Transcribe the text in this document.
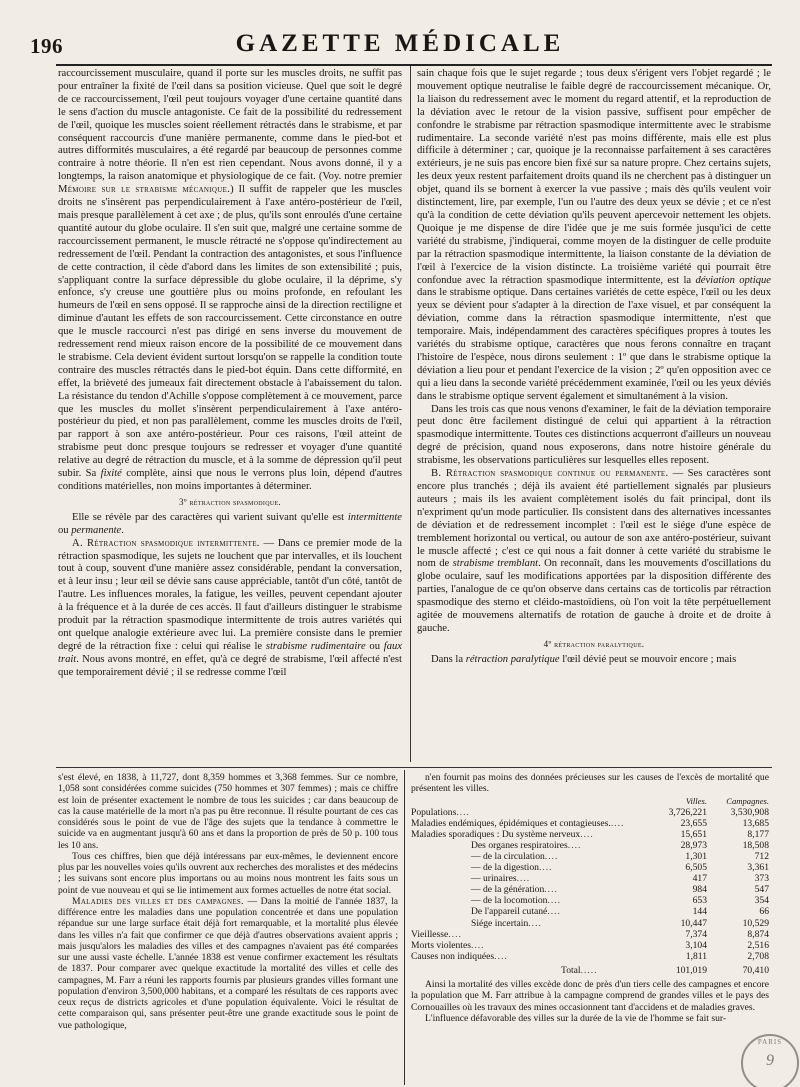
196	GAZETTE MÉDICALE

raccourcissement musculaire, quand il porte sur les muscles droits, ne suffit pas pour entraîner la fixité de l'œil dans sa position vicieuse. Quel que soit le degré de ce raccourcissement, l'œil peut toujours voyager d'une certaine quantité dans le sens d'action du muscle antagoniste. Ce fait de la possibilité du redressement de l'œil, quoique les muscles soient réellement rétractés dans le strabisme, et par conséquent raccourcis d'une manière permanente, comme dans le pied-bot et autres difformités musculaires, a été regardé par beaucoup de personnes comme contraire à notre théorie. Il n'en est rien cependant. Nous avons donné, il y a longtemps, la raison anatomique et physiologique de ce fait. (Voy. notre premier Mémoire sur le strabisme mécanique.) Il suffit de rappeler que les muscles droits ne s'insèrent pas perpendiculairement à l'axe antéro-postérieur de l'œil, mais presque parallèlement à cet axe ; de plus, qu'ils sont enroulés d'une certaine quantité autour du globe oculaire. Il s'en suit que, malgré une certaine somme de raccourcissement permanent, le muscle rétracté ne s'oppose qu'indirectement au redressement de l'œil. Pendant la contraction des antagonistes, et sous l'influence de cette contraction, il cède d'abord dans les limites de son extensibilité ; puis, s'appliquant contre la surface dépressible du globe oculaire, il la déprime, s'y enfonce, s'y creuse une gouttière plus ou moins profonde, en refoulant les humeurs de l'œil en sens opposé. Il se rapproche ainsi de la direction rectiligne et diminue d'autant les effets de son raccourcissement. Cette circonstance en outre que le muscle raccourci n'est pas dirigé en sens inverse du mouvement de redressement rend mieux raison encore de la possibilité de ce mouvement dans le strabisme. Cela devient évident surtout lorsqu'on se rappelle la condition toute contraire des muscles rétractés dans le pied-bot équin. Dans cette difformité, en effet, la brièveté des jumeaux fait directement obstacle à l'abaissement du talon. La résistance du tendon d'Achille s'oppose complètement à ce mouvement, parce que les muscles du mollet s'insèrent perpendiculairement à l'axe antéro-postérieur du pied, et non pas parallèlement, comme les muscles droits de l'œil, par rapport à son axe antéro-postérieur. Pour ces raisons, l'œil atteint de strabisme peut donc presque toujours se redresser et voyager d'une quantité relative au degré de rétraction du muscle, et à la somme de dépression qu'il peut subir. Sa fixité complète, ainsi que nous le verrons plus loin, dépend d'autres conditions matérielles, non moins importantes à déterminer.

3º rétraction spasmodique.

Elle se révèle par des caractères qui varient suivant qu'elle est intermittente ou permanente.

A. Rétraction spasmodique intermittente. — Dans ce premier mode de la rétraction spasmodique, les sujets ne louchent que par intervalles, et ils louchent tout à coup, souvent d'une manière assez considérable, pendant la conversation, et à leur insu ; leur œil se dévie sans cause appréciable, tantôt d'un côté, tantôt de l'autre. Les influences morales, la fatigue, les veilles, peuvent cependant ajouter à la fréquence et à la durée de ces accès. Il faut d'ailleurs distinguer le strabisme produit par la rétraction spasmodique intermittente de trois autres variétés qui ont quelque analogie extérieure avec lui. La première consiste dans le premier degré de la rétraction fixe : celui qui réalise le strabisme rudimentaire ou faux trait. Nous avons montré, en effet, qu'à ce degré de strabisme, l'œil affecté n'est que temporairement dévié ; il se redresse comme l'œil

sain chaque fois que le sujet regarde ; tous deux s'érigent vers l'objet regardé ; le mouvement optique neutralise le faible degré de raccourcissement mécanique. Or, la liaison du redressement avec le moment du regard attentif, et la reproduction de la déviation avec le retour de la vision passive, suffisent pour empêcher de confondre le strabisme par rétraction spasmodique intermittente avec le strabisme rudimentaire. La seconde variété n'est pas moins différente, mais elle est plus difficile à déterminer ; car, quoique je la reconnaisse parfaitement à ses caractères extérieurs, je ne suis pas encore bien fixé sur sa nature propre. Chez certains sujets, les deux yeux restent parfaitement droits quand ils ne cherchent pas à distinguer un objet, quand ils se bornent à exercer la vue passive ; mais dès qu'ils veulent voir distinctement, lire, par exemple, l'un ou l'autre des deux yeux se dévie ; et ce n'est qu'à la condition de cette déviation qu'ils peuvent apercevoir nettement les objets. Quoique je me dispense de dire l'idée que je me suis formée jusqu'ici de cette variété du strabisme, j'indiquerai, comme moyen de la distinguer de celle produite par la rétraction spasmodique intermittente, la liaison constante de la déviation de l'œil à l'exercice de la vision distincte. La troisième variété qui pourrait être confondue avec la rétraction spasmodique intermittente, est la déviation optique dans le strabisme optique. Dans certaines variétés de cette espèce, l'œil ou les deux yeux se dévient pour s'adapter à la direction de l'axe visuel, et par conséquent la déviation, comme dans la rétraction spasmodique intermittente, n'est que temporaire. Mais, indépendamment des caractères spécifiques propres à toutes les variétés du strabisme optique, caractères que nous ferons connaître en traçant l'histoire de l'espèce, nous dirons seulement : 1º que dans le strabisme optique la déviation a lieu pour et pendant l'exercice de la vision ; 2º qu'en opposition avec ce qui a lieu dans la seconde variété précédemment examinée, l'œil ou les yeux déviés dans le strabisme optique servent également et simultanément à la vision.

Dans les trois cas que nous venons d'examiner, le fait de la déviation temporaire peut donc être facilement distingué de celui qui appartient à la rétraction spasmodique intermittente. Toutes ces distinctions acquerront d'ailleurs un nouveau degré de précision, quand nous exposerons, dans notre histoire générale du strabisme, les observations particulières sur lesquelles elles reposent.

B. Rétraction spasmodique continue ou permanente. — Ses caractères sont encore plus tranchés ; déjà ils avaient été partiellement signalés par plusieurs auteurs ; mais ils les avaient complètement isolés du fait principal, dont ils n'expriment qu'un mode particulier. Ils consistent dans des alternatives incessantes de déviation et de redressement incomplet : l'œil est le siége d'une espèce de tremblement horizontal ou vertical, ou autour de son axe antéro-postérieur, suivant le muscle affecté ; c'est ce qui nous a fait donner à cette variété du strabisme le nom de strabisme tremblant. On reconnaît, dans les mouvements d'oscillations du globe oculaire, sauf les modifications apportées par la disposition différente des parties, l'analogue de ce qu'on observe dans certains cas de torticolis par rétraction spasmodique des sterno et cléido-mastoïdiens, où l'on voit la tête perpétuellement agitée de mouvemens alternatifs de rotation de gauche à droite et de droite à gauche.

4º rétraction paralytique.

Dans la rétraction paralytique l'œil dévié peut se mouvoir encore ; mais

s'est élevé, en 1838, à 11,727, dont 8,359 hommes et 3,368 femmes. Sur ce nombre, 1,058 sont considérées comme suicides (750 hommes et 307 femmes) ; mais ce chiffre est loin de présenter exactement le nombre de tous les suicides ; car dans beaucoup de cas la cause matérielle de la mort n'a pas pu être reconnue. Il résulte pourtant de ces cas considérés sous le point de vue de l'âge des sujets que la tendance à commettre le suicide va en augmentant jusqu'à 60 ans et dans la proportion de près de 50 p. 100 tous les 10 ans.

Tous ces chiffres, bien que déjà intéressans par eux-mêmes, le deviennent encore plus par les nouvelles voies qu'ils ouvrent aux recherches des moralistes et des médecins ; les suivans sont encore plus importans ou au moins nous montrent les faits sous un point de vue nouveau et qui se lie intimement aux formes actuelles de notre état social.

Maladies des villes et des campagnes. — Dans la moitié de l'année 1837, la différence entre les maladies dans une population concentrée et dans une population répandue sur une large surface était déjà fort remarquable, et la mortalité plus élevée dans les villes n'a fait que confirmer ce que déjà d'autres observations avaient appris ; mais jusqu'alors les maladies des villes et des campagnes n'avaient pas été comparées sur une aussi vaste échelle. L'année 1838 est venue confirmer exactement les résultats de 1837. Pour comparer avec quelque exactitude la mortalité des villes et celle des campagnes, M. Farr a réuni les rapports fournis par plusieurs grandes villes formant une population d'environ 3,500,000 habitans, et a comparé les résultats de ces rapports avec ceux reçus de districts agricoles et d'une population équivalente. Voici le résultat de cette comparaison qui, sans présenter peut-être une grande exactitude sous le point de vue pathologique,

n'en fournit pas moins des données précieuses sur les causes de l'excès de mortalité que présentent les villes.

	Villes.	Campagnes.
Populations....	3,726,221	3,530,908
Maladies endémiques, épidémiques et contagieuses.....	23,655	13,685
Maladies sporadiques : Du système nerveux....	15,651	8,177
Des organes respiratoires....	28,973	18,508
— de la circulation....	1,301	712
— de la digestion....	6,505	3,361
— urinaires....	417	373
— de la génération....	984	547
— de la locomotion....	653	354
De l'appareil cutané....	144	66
Siége incertain....	10,447	10,529
Vieillesse....	7,374	8,874
Morts violentes....	3,104	2,516
Causes non indiquées....	1,811	2,708
Total.....	101,019	70,410

Ainsi la mortalité des villes excède donc de près d'un tiers celle des campagnes et encore la population que M. Farr attribue à la campagne comprend de grandes villes et le pays des Cornouailles où les travaux des mines occasionnent tant d'accidens et de maladies graves.

L'influence défavorable des villes sur la durée de la vie de l'homme se fait sur-

PARIS
9
